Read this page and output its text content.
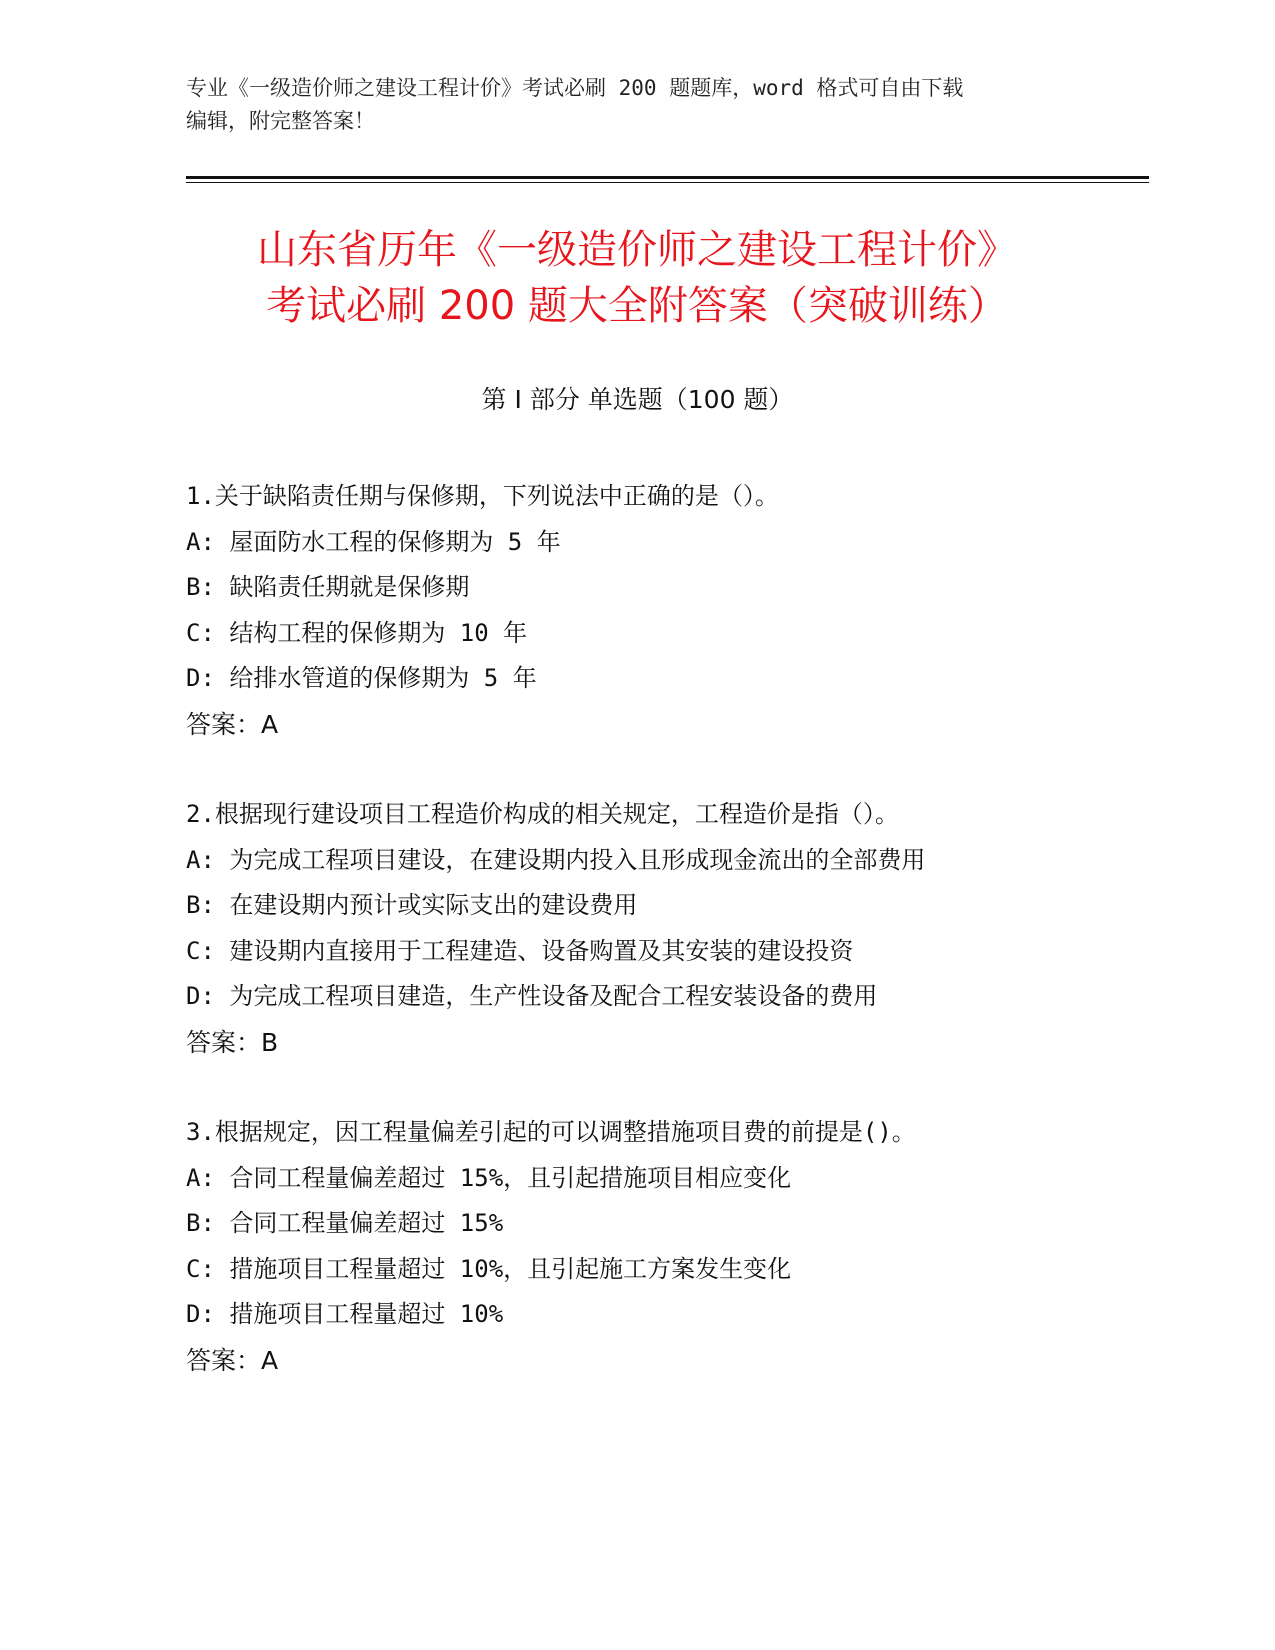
专业《一级造价师之建设工程计价》考试必刷 200 题题库，word 格式可自由下载
编辑，附完整答案！
山东省历年《一级造价师之建设工程计价》
考试必刷 200 题大全附答案（突破训练）
第 I 部分 单选题（100 题）
1.关于缺陷责任期与保修期，下列说法中正确的是（）。
A: 屋面防水工程的保修期为 5 年
B: 缺陷责任期就是保修期
C: 结构工程的保修期为 10 年
D: 给排水管道的保修期为 5 年
答案：A
2.根据现行建设项目工程造价构成的相关规定，工程造价是指（）。
A: 为完成工程项目建设，在建设期内投入且形成现金流出的全部费用
B: 在建设期内预计或实际支出的建设费用
C: 建设期内直接用于工程建造、设备购置及其安装的建设投资
D: 为完成工程项目建造，生产性设备及配合工程安装设备的费用
答案：B
3.根据规定，因工程量偏差引起的可以调整措施项目费的前提是()。
A: 合同工程量偏差超过 15%，且引起措施项目相应变化
B: 合同工程量偏差超过 15%
C: 措施项目工程量超过 10%，且引起施工方案发生变化
D: 措施项目工程量超过 10%
答案：A
